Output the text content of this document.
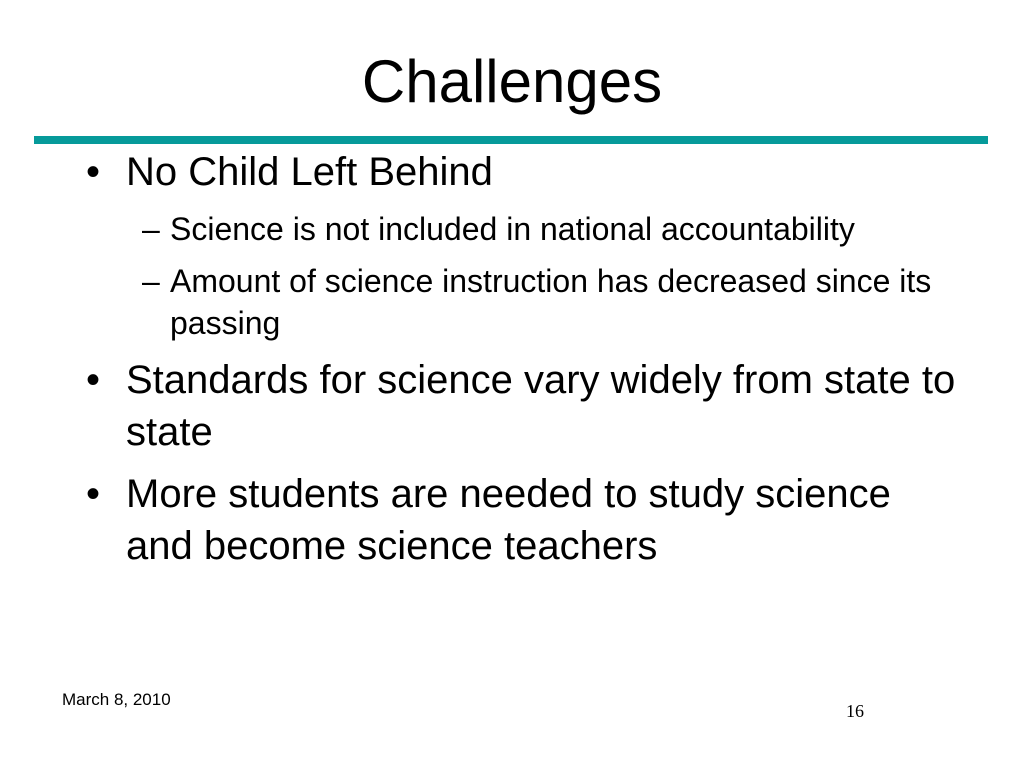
Challenges
• No Child Left Behind
– Science is not included in national accountability
– Amount of science instruction has decreased since its passing
• Standards for science vary widely from state to state
• More students are needed to study science and become science teachers
March 8, 2010
16
